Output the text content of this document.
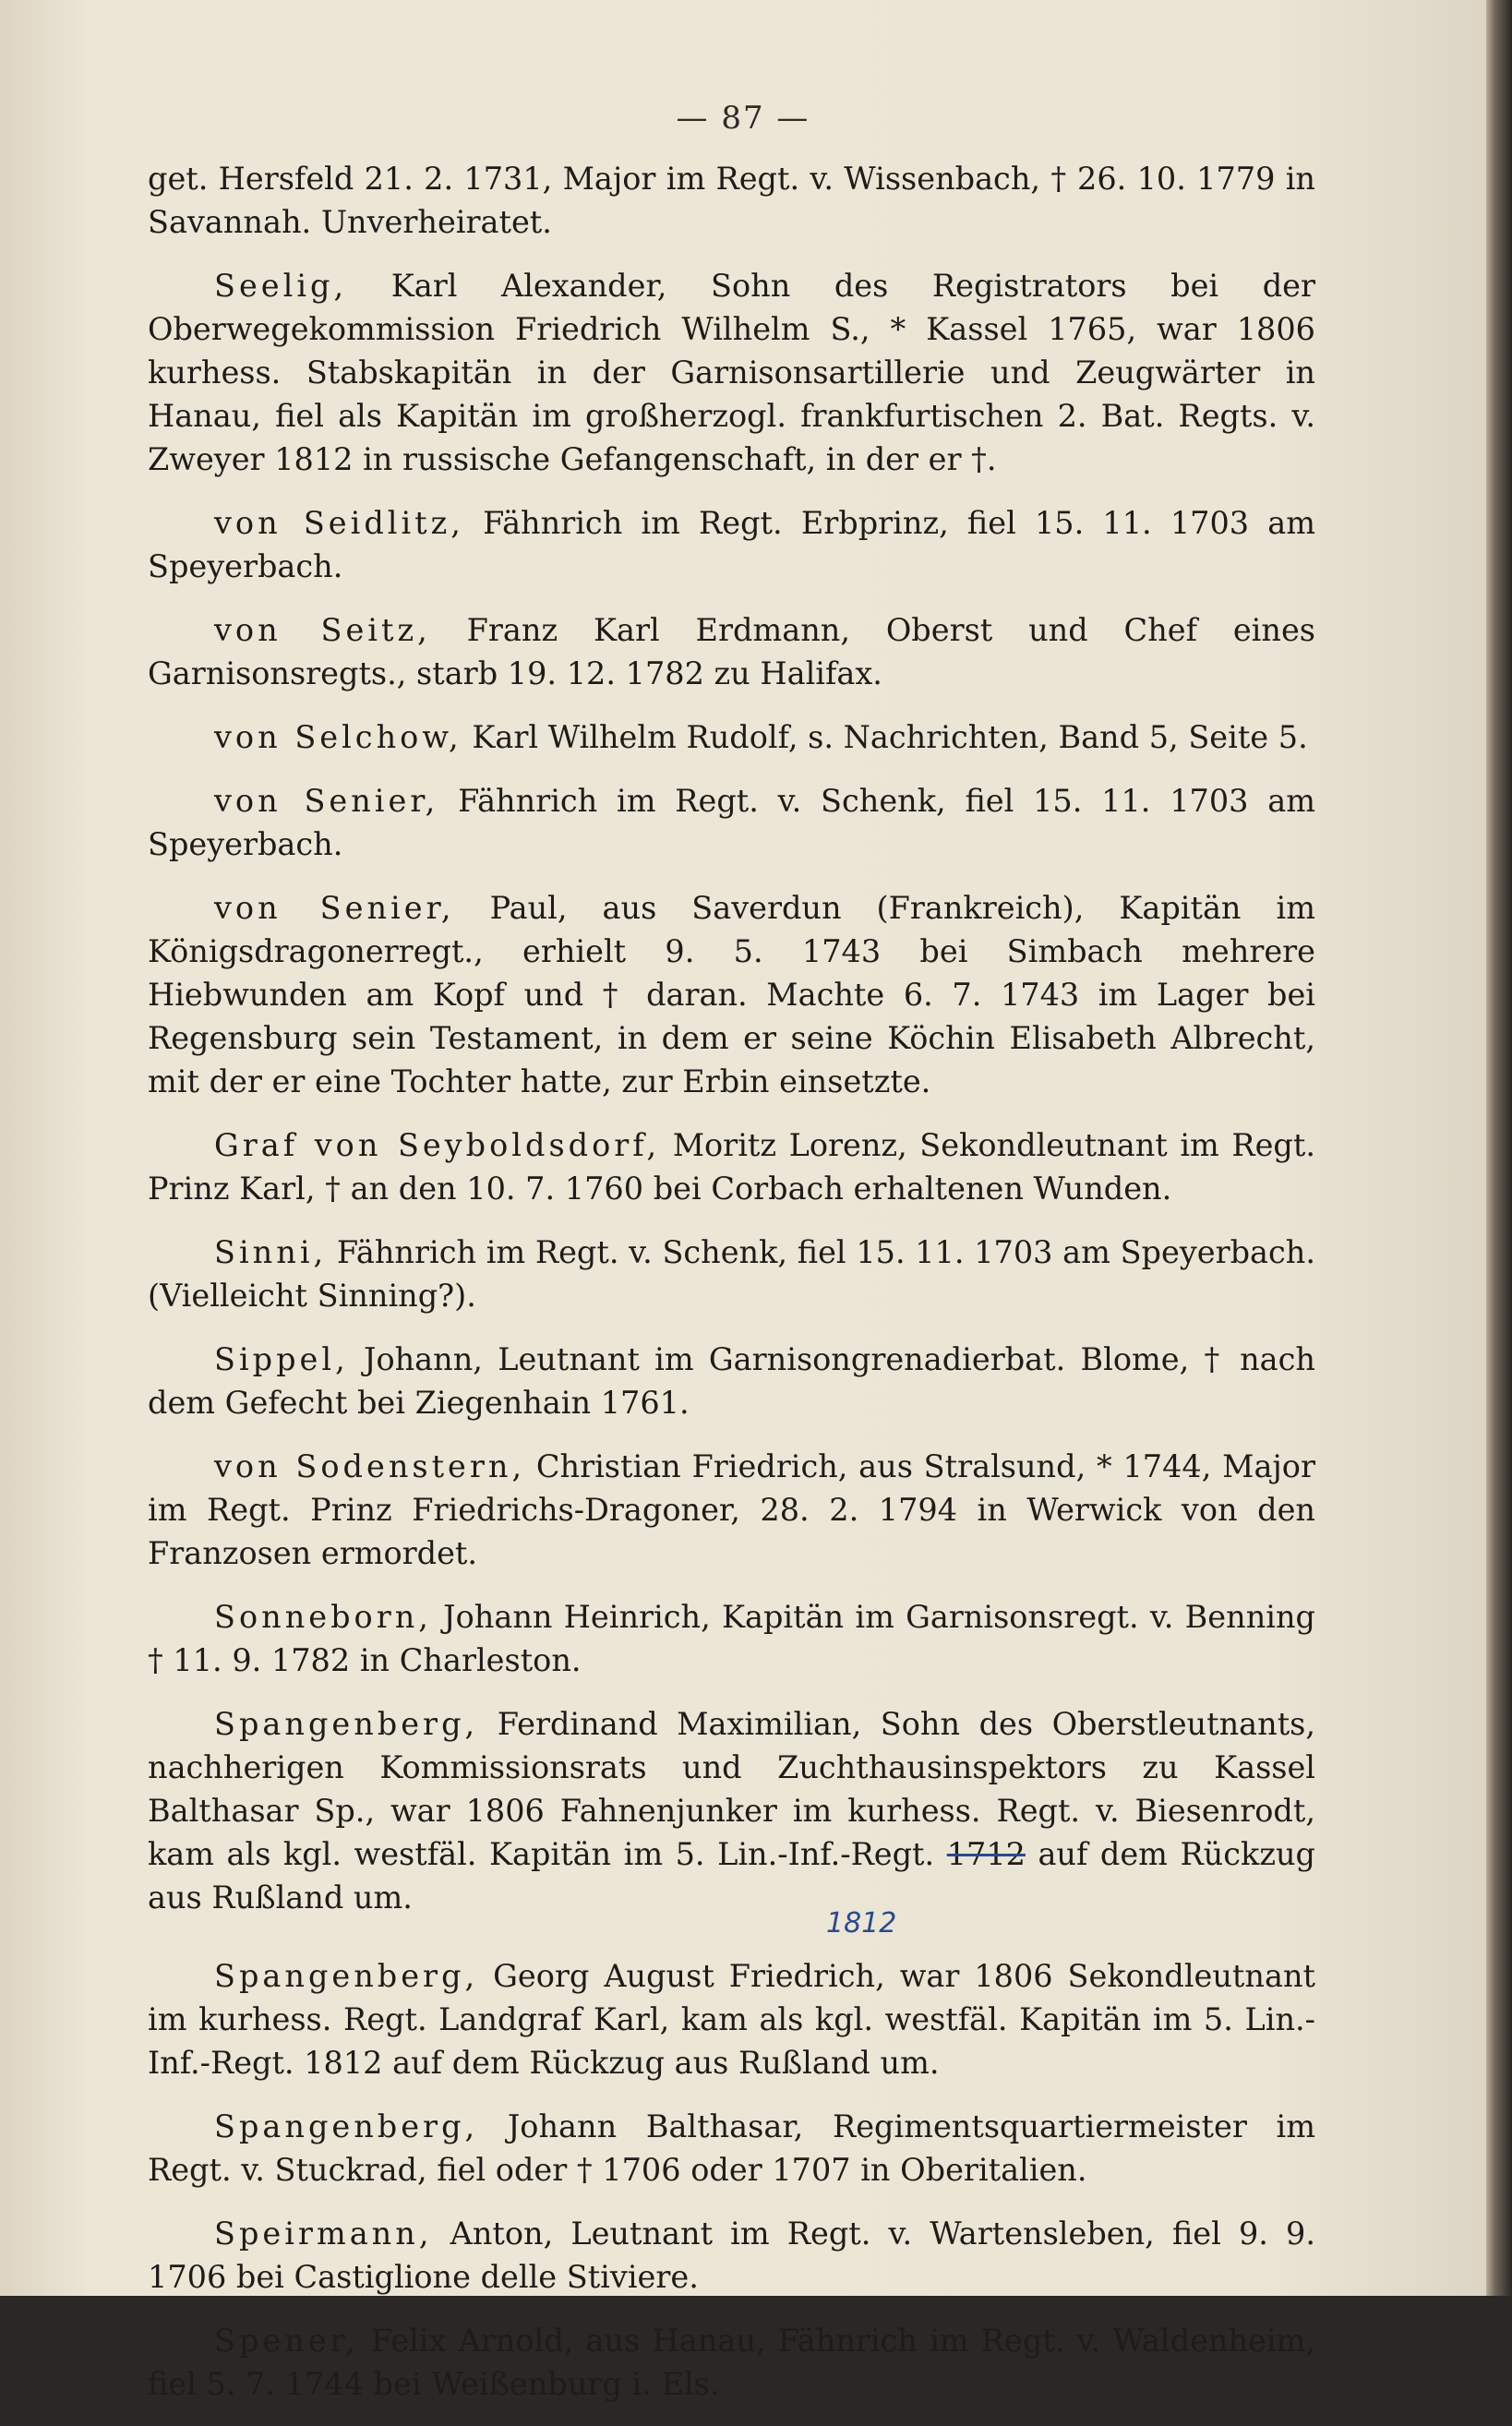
— 87 —

get. Hersfeld 21. 2. 1731, Major im Regt. v. Wissenbach, † 26. 10. 1779 in Savannah. Unverheiratet.

Seelig, Karl Alexander, Sohn des Registrators bei der Oberwegekommission Friedrich Wilhelm S., * Kassel 1765, war 1806 kurhess. Stabskapitän in der Garnisonsartillerie und Zeugwärter in Hanau, fiel als Kapitän im großherzogl. frankfurtischen 2. Bat. Regts. v. Zweyer 1812 in russische Gefangenschaft, in der er †.

von Seidlitz, Fähnrich im Regt. Erbprinz, fiel 15. 11. 1703 am Speyerbach.

von Seitz, Franz Karl Erdmann, Oberst und Chef eines Garnisonsregts., starb 19. 12. 1782 zu Halifax.

von Selchow, Karl Wilhelm Rudolf, s. Nachrichten, Band 5, Seite 5.

von Senier, Fähnrich im Regt. v. Schenk, fiel 15. 11. 1703 am Speyerbach.

von Senier, Paul, aus Saverdun (Frankreich), Kapitän im Königsdragonerregt., erhielt 9. 5. 1743 bei Simbach mehrere Hiebwunden am Kopf und † daran. Machte 6. 7. 1743 im Lager bei Regensburg sein Testament, in dem er seine Köchin Elisabeth Albrecht, mit der er eine Tochter hatte, zur Erbin einsetzte.

Graf von Seyboldsdorf, Moritz Lorenz, Sekondleutnant im Regt. Prinz Karl, † an den 10. 7. 1760 bei Corbach erhaltenen Wunden.

Sinni, Fähnrich im Regt. v. Schenk, fiel 15. 11. 1703 am Speyerbach. (Vielleicht Sinning?).

Sippel, Johann, Leutnant im Garnisongrenadierbat. Blome, † nach dem Gefecht bei Ziegenhain 1761.

von Sodenstern, Christian Friedrich, aus Stralsund, * 1744, Major im Regt. Prinz Friedrichs-Dragoner, 28. 2. 1794 in Werwick von den Franzosen ermordet.

Sonneborn, Johann Heinrich, Kapitän im Garnisonsregt. v. Benning † 11. 9. 1782 in Charleston.

Spangenberg, Ferdinand Maximilian, Sohn des Oberstleutnants, nachherigen Kommissionsrats und Zuchthausinspektors zu Kassel Balthasar Sp., war 1806 Fahnenjunker im kurhess. Regt. v. Biesenrodt, kam als kgl. westfäl. Kapitän im 5. Lin.-Inf.-Regt. 1712 auf dem Rückzug aus Rußland um.
1812

Spangenberg, Georg August Friedrich, war 1806 Sekondleutnant im kurhess. Regt. Landgraf Karl, kam als kgl. westfäl. Kapitän im 5. Lin.-Inf.-Regt. 1812 auf dem Rückzug aus Rußland um.

Spangenberg, Johann Balthasar, Regimentsquartiermeister im Regt. v. Stuckrad, fiel oder † 1706 oder 1707 in Oberitalien.

Speirmann, Anton, Leutnant im Regt. v. Wartensleben, fiel 9. 9. 1706 bei Castiglione delle Stiviere.

Spener, Felix Arnold, aus Hanau, Fähnrich im Regt. v. Waldenheim, fiel 5. 7. 1744 bei Weißenburg i. Els.
